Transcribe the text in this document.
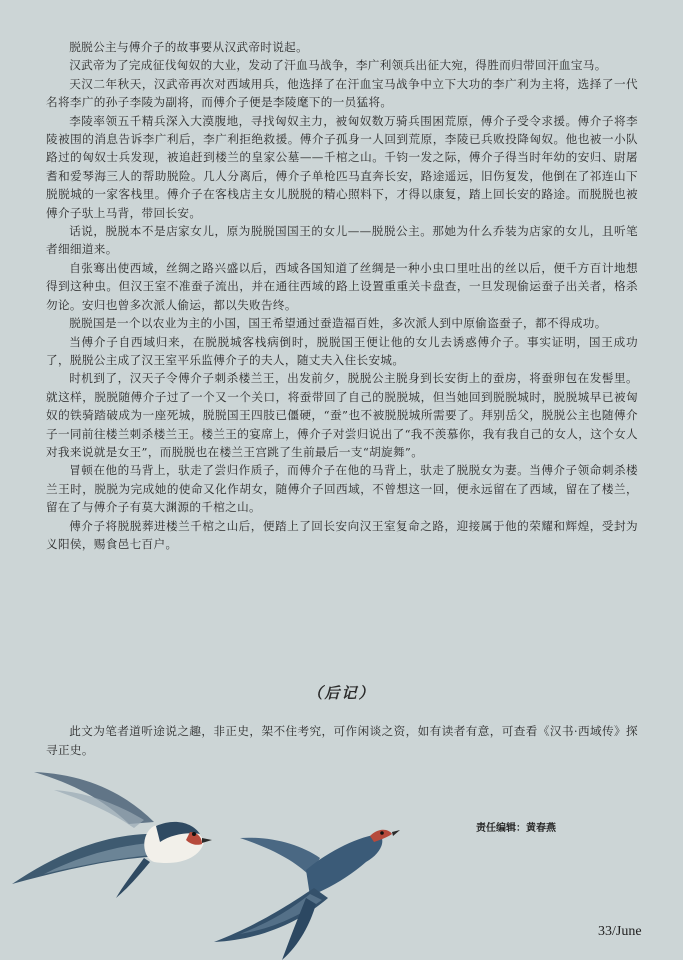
脱脱公主与傅介子的故事要从汉武帝时说起。

汉武帝为了完成征伐匈奴的大业，发动了汗血马战争，李广利领兵出征大宛，得胜而归带回汗血宝马。

天汉二年秋天，汉武帝再次对西域用兵，他选择了在汗血宝马战争中立下大功的李广利为主将，选择了一代名将李广的孙子李陵为副将，而傅介子便是李陵麾下的一员猛将。

李陵率领五千精兵深入大漠腹地，寻找匈奴主力，被匈奴数万骑兵围困荒原，傅介子受令求援。傅介子将李陵被围的消息告诉李广利后，李广利拒绝救援。傅介子孤身一人回到荒原，李陵已兵败投降匈奴。他也被一小队路过的匈奴士兵发现，被追赶到楼兰的皇家公墓——千棺之山。千钧一发之际，傅介子得当时年幼的安归、尉屠耆和爱琴海三人的帮助脱险。几人分离后，傅介子单枪匹马直奔长安，路途遥远，旧伤复发，他倒在了祁连山下脱脱城的一家客栈里。傅介子在客栈店主女儿脱脱的精心照料下，才得以康复，踏上回长安的路途。而脱脱也被傅介子驮上马背，带回长安。

话说，脱脱本不是店家女儿，原为脱脱国国王的女儿——脱脱公主。那她为什么乔装为店家的女儿，且听笔者细细道来。

自张骞出使西域，丝绸之路兴盛以后，西域各国知道了丝绸是一种小虫口里吐出的丝以后，便千方百计地想得到这种虫。但汉王室不准蚕子流出，并在通往西域的路上设置重重关卡盘查，一旦发现偷运蚕子出关者，格杀勿论。安归也曾多次派人偷运，都以失败告终。

脱脱国是一个以农业为主的小国，国王希望通过蚕造福百姓，多次派人到中原偷盗蚕子，都不得成功。

当傅介子自西域归来，在脱脱城客栈病倒时，脱脱国王便让他的女儿去诱惑傅介子。事实证明，国王成功了，脱脱公主成了汉王室平乐监傅介子的夫人，随丈夫入住长安城。

时机到了，汉天子令傅介子刺杀楼兰王，出发前夕，脱脱公主脱身到长安街上的蚕房，将蚕卵包在发髻里。就这样，脱脱随傅介子过了一个又一个关口，将蚕带回了自己的脱脱城，但当她回到脱脱城时，脱脱城早已被匈奴的铁骑踏破成为一座死城，脱脱国王四肢已僵硬，“蚕”也不被脱脱城所需要了。拜别岳父，脱脱公主也随傅介子一同前往楼兰刺杀楼兰王。楼兰王的宴席上，傅介子对尝归说出了“我不羡慕你，我有我自己的女人，这个女人对我来说就是女王”，而脱脱也在楼兰王宫跳了生前最后一支“胡旋舞”。

冒顿在他的马背上，驮走了尝归作质子，而傅介子在他的马背上，驮走了脱脱女为妻。当傅介子领命刺杀楼兰王时，脱脱为完成她的使命又化作胡女，随傅介子回西域，不曾想这一回，便永远留在了西域，留在了楼兰，留在了与傅介子有莫大渊源的千棺之山。

傅介子将脱脱葬进楼兰千棺之山后，便踏上了回长安向汉王室复命之路，迎接属于他的荣耀和辉煌，受封为义阳侯，赐食邑七百户。

（后记）

此文为笔者道听途说之趣，非正史，架不住考究，可作闲谈之资，如有读者有意，可查看《汉书·西域传》探寻正史。

责任编辑：黄春燕
33/June
